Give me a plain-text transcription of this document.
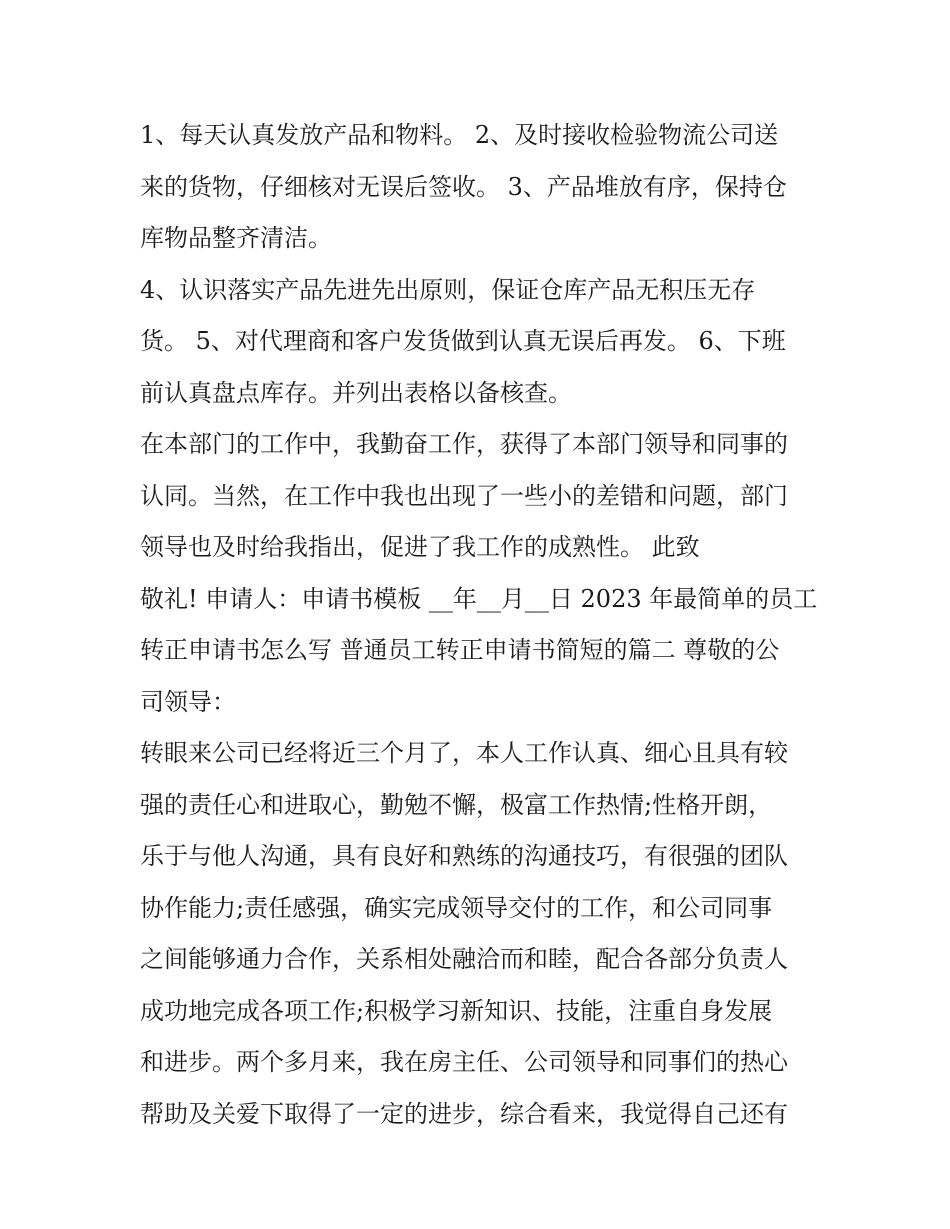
1、每天认真发放产品和物料。 2、及时接收检验物流公司送
来的货物，仔细核对无误后签收。 3、产品堆放有序，保持仓
库物品整齐清洁。
4、认识落实产品先进先出原则，保证仓库产品无积压无存
货。 5、对代理商和客户发货做到认真无误后再发。 6、下班
前认真盘点库存。并列出表格以备核查。
在本部门的工作中，我勤奋工作，获得了本部门领导和同事的
认同。当然，在工作中我也出现了一些小的差错和问题，部门
领导也及时给我指出，促进了我工作的成熟性。 此致
敬礼! 申请人：申请书模板 __年__月__日 2023 年最简单的员工
转正申请书怎么写 普通员工转正申请书简短的篇二 尊敬的公
司领导：
转眼来公司已经将近三个月了，本人工作认真、细心且具有较
强的责任心和进取心，勤勉不懈，极富工作热情;性格开朗，
乐于与他人沟通，具有良好和熟练的沟通技巧，有很强的团队
协作能力;责任感强，确实完成领导交付的工作，和公司同事
之间能够通力合作，关系相处融洽而和睦，配合各部分负责人
成功地完成各项工作;积极学习新知识、技能，注重自身发展
和进步。两个多月来，我在房主任、公司领导和同事们的热心
帮助及关爱下取得了一定的进步，综合看来，我觉得自己还有
